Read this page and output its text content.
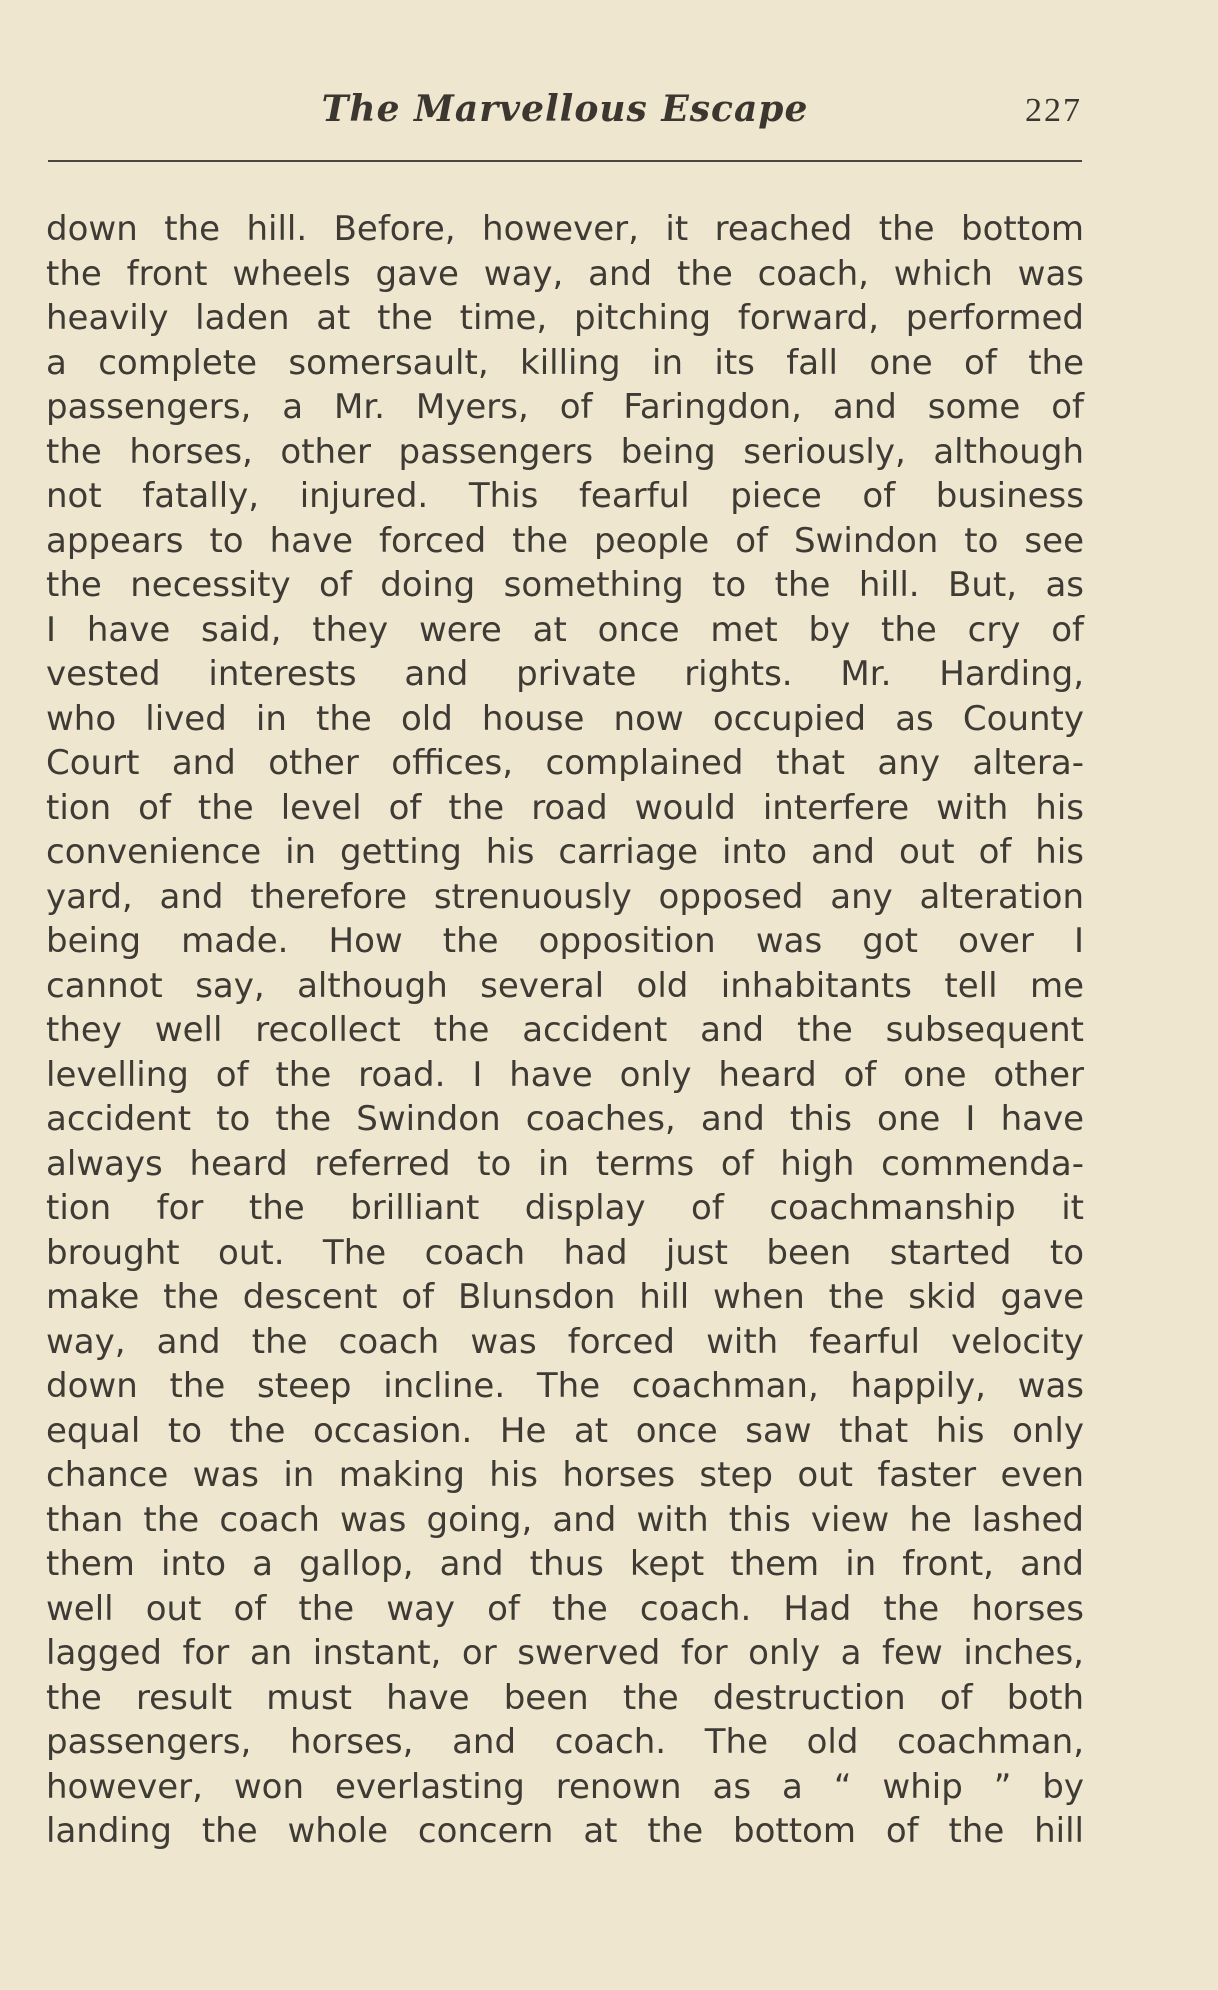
The Marvellous Escape	227
down the hill. Before, however, it reached the bottom
the front wheels gave way, and the coach, which was
heavily laden at the time, pitching forward, performed
a complete somersault, killing in its fall one of the
passengers, a Mr. Myers, of Faringdon, and some of
the horses, other passengers being seriously, although
not fatally, injured. This fearful piece of business
appears to have forced the people of Swindon to see
the necessity of doing something to the hill. But, as
I have said, they were at once met by the cry of
vested interests and private rights. Mr. Harding,
who lived in the old house now occupied as County
Court and other offices, complained that any altera-
tion of the level of the road would interfere with his
convenience in getting his carriage into and out of his
yard, and therefore strenuously opposed any alteration
being made. How the opposition was got over I
cannot say, although several old inhabitants tell me
they well recollect the accident and the subsequent
levelling of the road. I have only heard of one other
accident to the Swindon coaches, and this one I have
always heard referred to in terms of high commenda-
tion for the brilliant display of coachmanship it
brought out. The coach had just been started to
make the descent of Blunsdon hill when the skid gave
way, and the coach was forced with fearful velocity
down the steep incline. The coachman, happily, was
equal to the occasion. He at once saw that his only
chance was in making his horses step out faster even
than the coach was going, and with this view he lashed
them into a gallop, and thus kept them in front, and
well out of the way of the coach. Had the horses
lagged for an instant, or swerved for only a few inches,
the result must have been the destruction of both
passengers, horses, and coach. The old coachman,
however, won everlasting renown as a “ whip ” by
landing the whole concern at the bottom of the hill
